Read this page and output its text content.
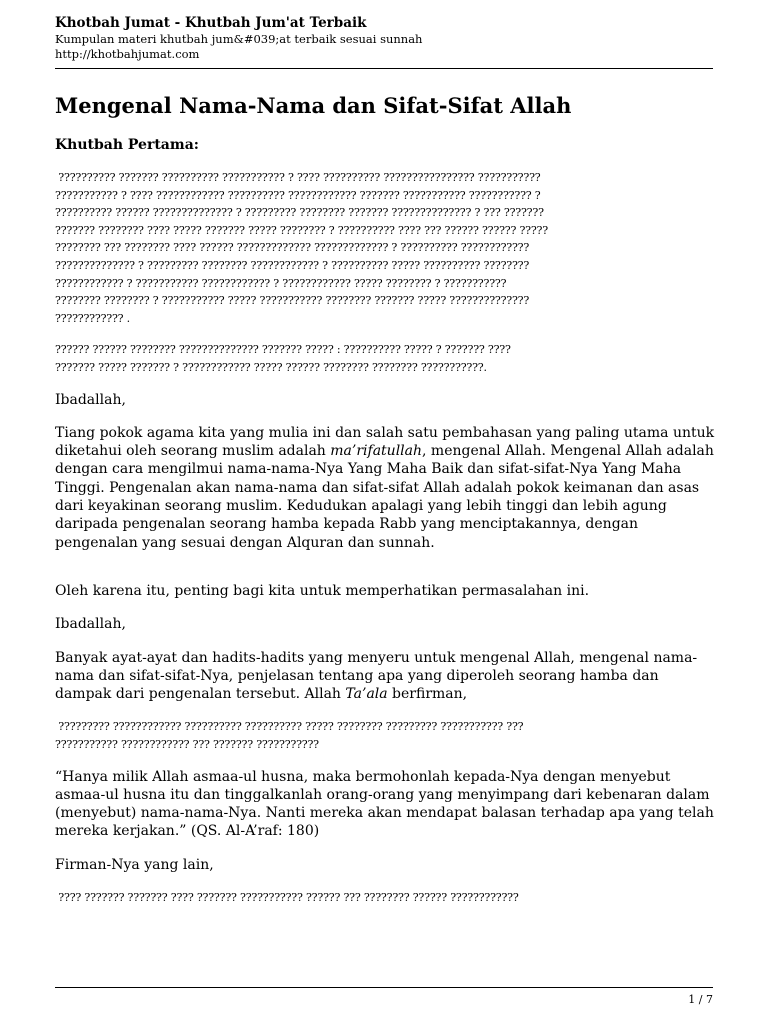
Khotbah Jumat - Khutbah Jum'at Terbaik
Kumpulan materi khutbah jum&#039;at terbaik sesuai sunnah
http://khotbahjumat.com
Mengenal Nama-Nama dan Sifat-Sifat Allah
Khutbah Pertama:
?????????? ??????? ?????????? ??????????? ? ???? ?????????? ???????????????? ???????????
??????????? ? ???? ???????????? ?????????? ???????????? ??????? ??????????? ??????????? ?
?????????? ?????? ?????????????? ? ????????? ???????? ??????? ?????????????? ? ??? ???????
??????? ???????? ???? ????? ??????? ????? ???????? ? ?????????? ???? ??? ?????? ?????? ?????
???????? ??? ???????? ???? ?????? ????????????? ????????????? ? ?????????? ????????????
?????????????? ? ????????? ???????? ???????????? ? ?????????? ????? ?????????? ????????
???????????? ? ??????????? ???????????? ? ???????????? ????? ???????? ? ???????????
???????? ???????? ? ??????????? ????? ??????????? ???????? ??????? ????? ??????????????
???????????? .
?????? ?????? ???????? ?????????????? ??????? ????? : ?????????? ????? ? ??????? ????
??????? ????? ??????? ? ???????????? ????? ?????? ???????? ???????? ???????????.

Ibadallah,

Tiang pokok agama kita yang mulia ini dan salah satu pembahasan yang paling utama untuk diketahui oleh seorang muslim adalah ma’rifatullah, mengenal Allah. Mengenal Allah adalah dengan cara mengilmui nama-nama-Nya Yang Maha Baik dan sifat-sifat-Nya Yang Maha Tinggi. Pengenalan akan nama-nama dan sifat-sifat Allah adalah pokok keimanan dan asas dari keyakinan seorang muslim. Kedudukan apalagi yang lebih tinggi dan lebih agung daripada pengenalan seorang hamba kepada Rabb yang menciptakannya, dengan pengenalan yang sesuai dengan Alquran dan sunnah.

Oleh karena itu, penting bagi kita untuk memperhatikan permasalahan ini.

Ibadallah,

Banyak ayat-ayat dan hadits-hadits yang menyeru untuk mengenal Allah, mengenal nama-nama dan sifat-sifat-Nya, penjelasan tentang apa yang diperoleh seorang hamba dan dampak dari pengenalan tersebut. Allah Ta’ala berfirman,

????????? ???????????? ?????????? ?????????? ????? ???????? ????????? ??????????? ???
??????????? ???????????? ??? ??????? ???????????

“Hanya milik Allah asmaa-ul husna, maka bermohonlah kepada-Nya dengan menyebut asmaa-ul husna itu dan tinggalkanlah orang-orang yang menyimpang dari kebenaran dalam (menyebut) nama-nama-Nya. Nanti mereka akan mendapat balasan terhadap apa yang telah mereka kerjakan.” (QS. Al-A’raf: 180)

Firman-Nya yang lain,

???? ??????? ??????? ???? ??????? ??????????? ?????? ??? ???????? ?????? ????????????
1 / 7
